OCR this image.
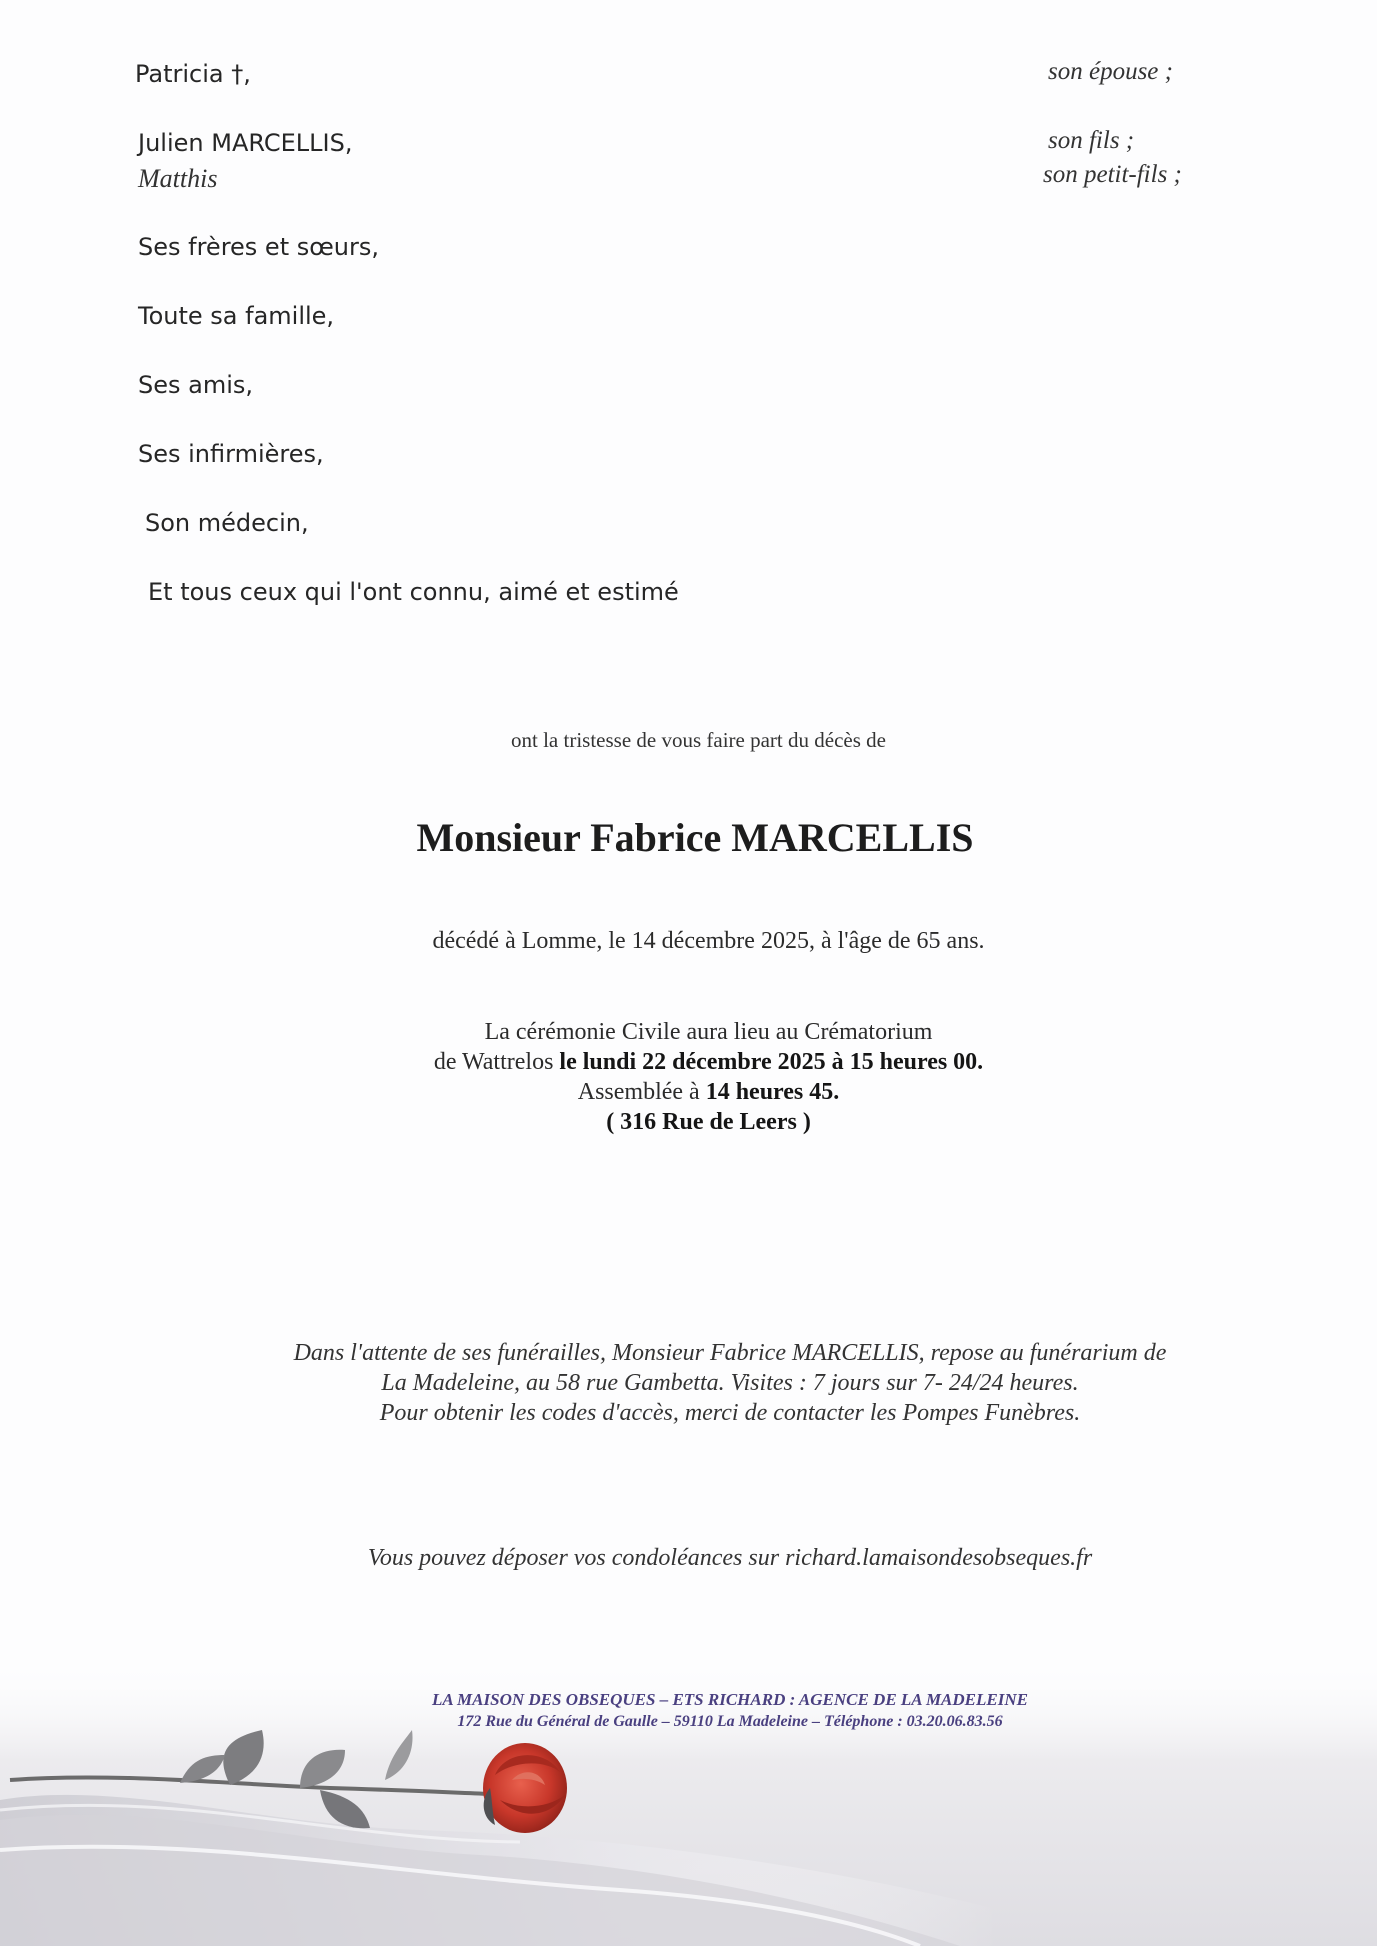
Patricia †,
Julien MARCELLIS,
Matthis
Ses frères et sœurs,
Toute sa famille,
Ses amis,
Ses infirmières,
Son médecin,
Et tous ceux qui l'ont connu, aimé et estimé
son épouse ;
son fils ;
son petit-fils ;
ont la tristesse de vous faire part du décès de
Monsieur Fabrice MARCELLIS
décédé à Lomme, le 14 décembre 2025, à l'âge de 65 ans.
La cérémonie Civile aura lieu au Crématorium
de Wattrelos le lundi 22 décembre 2025 à 15 heures 00.
Assemblée à 14 heures 45.
( 316 Rue de Leers )
Dans l'attente de ses funérailles, Monsieur Fabrice MARCELLIS, repose au funérarium de
La Madeleine, au 58 rue Gambetta. Visites : 7 jours sur 7- 24/24 heures.
Pour obtenir les codes d'accès, merci de contacter les Pompes Funèbres.
Vous pouvez déposer vos condoléances sur richard.lamaisondesobseques.fr
LA MAISON DES OBSEQUES – ETS RICHARD : AGENCE DE LA MADELEINE
172 Rue du Général de Gaulle – 59110 La Madeleine – Téléphone : 03.20.06.83.56
